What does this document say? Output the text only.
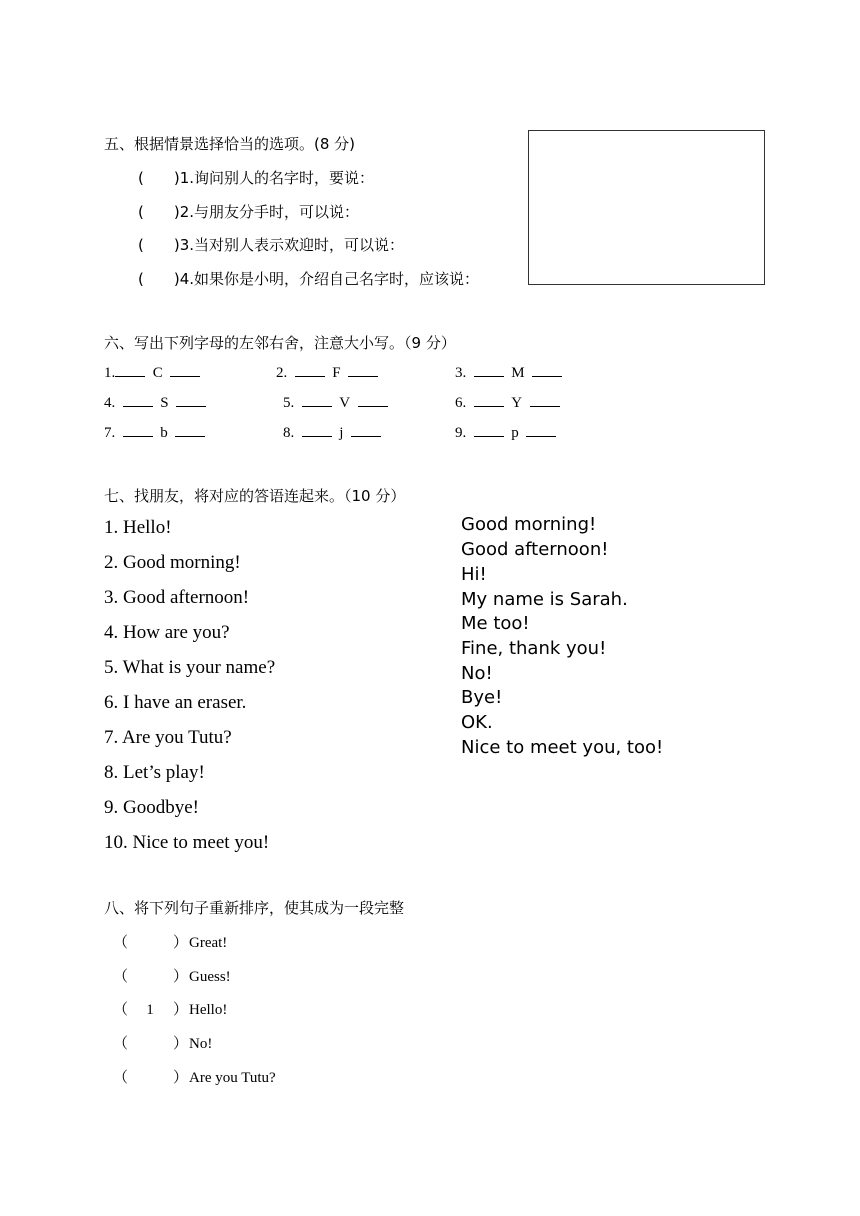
五、根据情景选择恰当的选项。(8 分)
(　　)1.询问别人的名字时，要说：
(　　)2.与朋友分手时，可以说：
(　　)3.当对别人表示欢迎时，可以说：
(　　)4.如果你是小明，介绍自己名字时，应该说：
六、写出下列字母的左邻右舍，注意大小写。（9 分）
1.	C	2.	F	3.	M
4.	S	5.	V	6.	Y
7.	b	8.	j	9.	p
七、找朋友，将对应的答语连起来。（10 分）
1. Hello!
2. Good morning!
3. Good afternoon!
4. How are you?
5. What is your name?
6. I have an eraser.
7. Are you Tutu?
8. Let’s play!
9. Goodbye!
10. Nice to meet you!
Good morning!
Good afternoon!
Hi!
My name is Sarah.
Me too!
Fine, thank you!
No!
Bye!
OK.
Nice to meet you, too!
八、将下列句子重新排序，使其成为一段完整
（	）Great!
（	）Guess!
（ 1 ）Hello!
（	）No!
（	）Are you Tutu?
